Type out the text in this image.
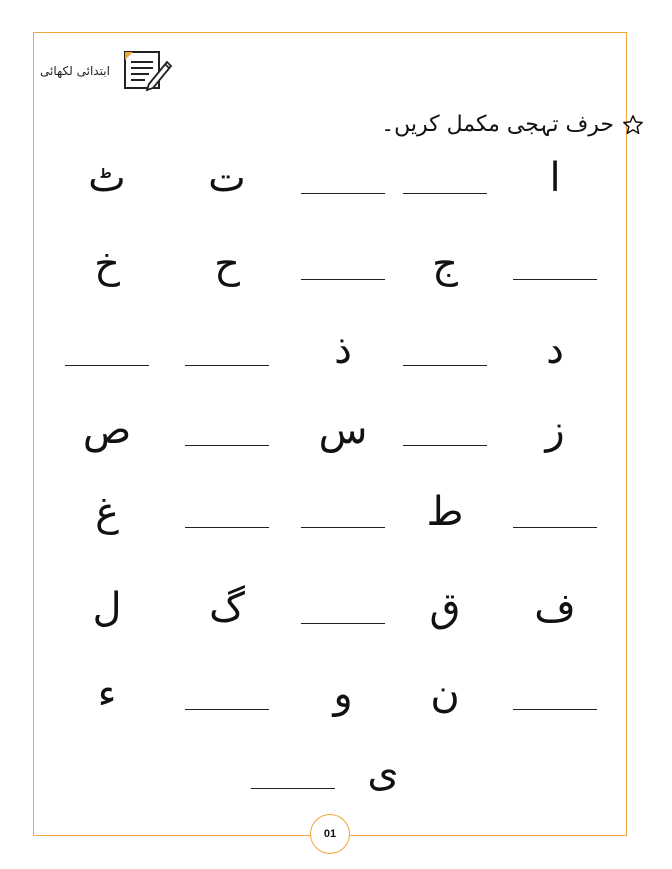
ابتدائی لکھائی
حرف تہجی مکمل کریں۔
ا
ت
ٹ
ج
ح
خ
د
ذ
ز
س
ص
ط
غ
ف
ق
گ
ل
ن
و
ء
ی
01
